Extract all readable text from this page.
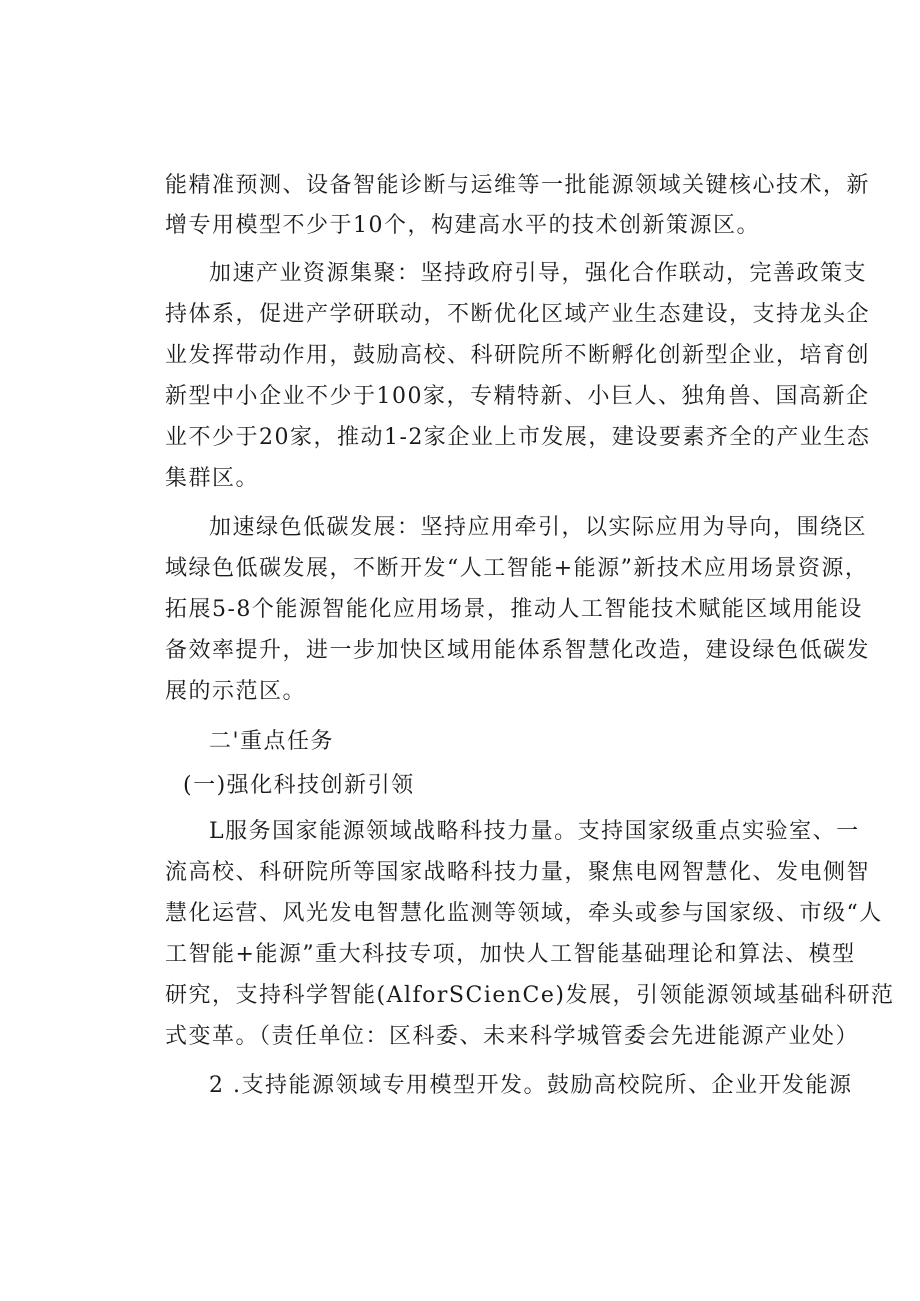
能精准预测、设备智能诊断与运维等一批能源领域关键核心技术，新
增专用模型不少于10个，构建高水平的技术创新策源区。
加速产业资源集聚：坚持政府引导，强化合作联动，完善政策支
持体系，促进产学研联动，不断优化区域产业生态建设，支持龙头企
业发挥带动作用，鼓励高校、科研院所不断孵化创新型企业，培育创
新型中小企业不少于100家，专精特新、小巨人、独角兽、国高新企
业不少于20家，推动1-2家企业上市发展，建设要素齐全的产业生态
集群区。
加速绿色低碳发展：坚持应用牵引，以实际应用为导向，围绕区
域绿色低碳发展，不断开发“人工智能+能源”新技术应用场景资源，
拓展5-8个能源智能化应用场景，推动人工智能技术赋能区域用能设
备效率提升，进一步加快区域用能体系智慧化改造，建设绿色低碳发
展的示范区。
二'重点任务
(一)强化科技创新引领
L服务国家能源领域战略科技力量。支持国家级重点实验室、一
流高校、科研院所等国家战略科技力量，聚焦电网智慧化、发电侧智
慧化运营、风光发电智慧化监测等领域，牵头或参与国家级、市级“人
工智能+能源”重大科技专项，加快人工智能基础理论和算法、模型
研究，支持科学智能(AlforSCienCe)发展，引领能源领域基础科研范
式变革。（责任单位：区科委、未来科学城管委会先进能源产业处）
2 .支持能源领域专用模型开发。鼓励高校院所、企业开发能源
